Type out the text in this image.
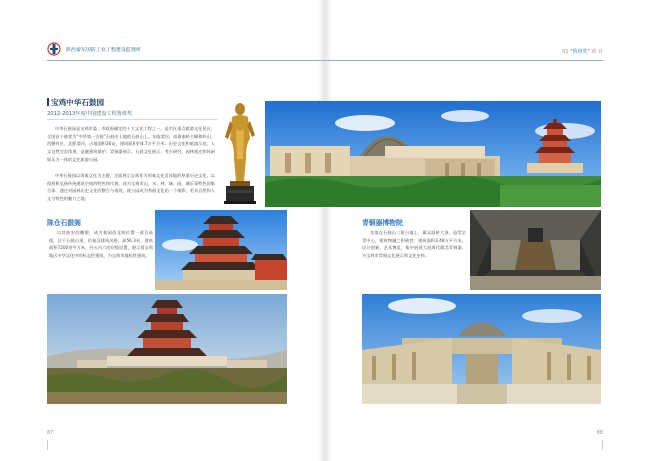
陕西秦军国防工业工程建设监理所	01 "鲁班奖" 项 目
宝鸡中华石鼓园
2012-2013年度中国建设工程鲁班奖

中华石鼓园是宝鸡市委、市政府确定的十大文化工程之一，是市区重点旅游文化景区，全国首个被誉为“中华第一古鼓”石鼓出土地的石鼓山上。东临渭河，南靠秦岭主峰和岭山，西侧有区、北距渭河，占地面积26亩，建筑面积约4.7万平方米；历史文化和旅游示范，人文自然完美体现，是融建筑保护、青铜器展示、石鼓文化展示、考古研究、园林观光和休闲娱乐为一体的文化旅游公园。

中华石鼓园以周秦文化为主题，全面展示宝鸡作为周秦文化发祥地的厚重历史文化，以保持和弘扬传统建筑空间的特色和风貌，成为宝鸡市山、水、林、城、园、城乐事特色的集合体，通过对园林历史文化的整合与再现，使公园成为秀丽文化的一个缩影，更具自然和人文与特色的魅力之地。

陈仓石鼓阁

以其恢宏的雕塑，成为秦园西北线位置一道百高线，位于石鼓山顶，仿秦汉建筑风格，高56.3米，建筑面积7200余平方米，外五内六的层级设置，堪示着宝鸡地区中华文化中的标志性建筑，为宝鸡市地标性建筑。

青铜器博物院

坐落在石鼓山二阶台地上，属双高桥大顶，造型呈青中心，建筑物融之积极性；建筑面积3.48万平方米，设计创新，艺术博览，集中展现大批周代精美青铜器，为宝鸡市青铜文化展示和文化史料。

87	88
